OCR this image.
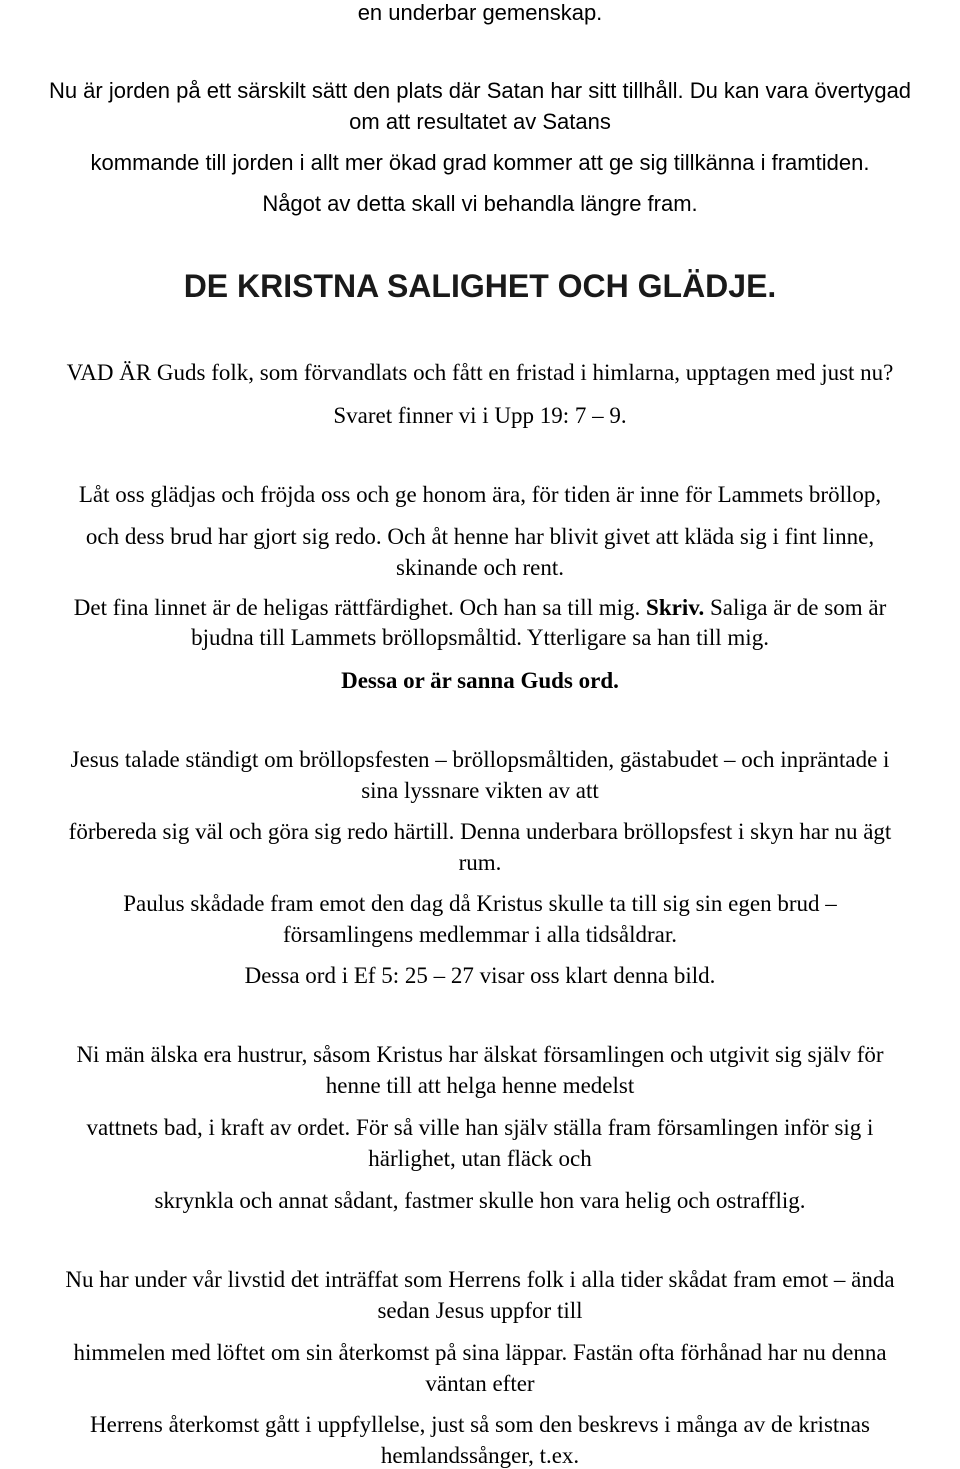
en underbar gemenskap.
Nu är jorden på ett särskilt sätt den plats där Satan har sitt tillhåll. Du kan vara övertygad
om att resultatet av Satans
kommande till jorden i allt mer ökad grad kommer att ge sig tillkänna i framtiden.
Något av detta skall vi behandla längre fram.
DE KRISTNA SALIGHET OCH GLÄDJE.
VAD ÄR Guds folk, som förvandlats och fått en fristad i himlarna, upptagen med just nu?
Svaret finner vi i Upp 19: 7 – 9.
Låt oss glädjas och fröjda oss och ge honom ära, för tiden är inne för Lammets bröllop,
och dess brud har gjort sig redo. Och åt henne har blivit givet att kläda sig i fint linne,
skinande och rent.
Det fina linnet är de heligas rättfärdighet. Och han sa till mig. Skriv. Saliga är de som är
bjudna till Lammets bröllopsmåltid. Ytterligare sa han till mig.
Dessa or är sanna Guds ord.
Jesus talade ständigt om bröllopsfesten – bröllopsmåltiden, gästabudet – och inpräntade i
sina lyssnare vikten av att
förbereda sig väl och göra sig redo härtill. Denna underbara bröllopsfest i skyn har nu ägt
rum.
Paulus skådade fram emot den dag då Kristus skulle ta till sig sin egen brud –
församlingens medlemmar i alla tidsåldrar.
Dessa ord i Ef 5: 25 – 27 visar oss klart denna bild.
Ni män älska era hustrur, såsom Kristus har älskat församlingen och utgivit sig själv för
henne till att helga henne medelst
vattnets bad, i kraft av ordet. För så ville han själv ställa fram församlingen inför sig i
härlighet, utan fläck och
skrynkla och annat sådant, fastmer skulle hon vara helig och ostrafflig.
Nu har under vår livstid det inträffat som Herrens folk i alla tider skådat fram emot – ända
sedan Jesus uppfor till
himmelen med löftet om sin återkomst på sina läppar. Fastän ofta förhånad har nu denna
väntan efter
Herrens återkomst gått i uppfyllelse, just så som den beskrevs i många av de kristnas
hemlandssånger, t.ex.
